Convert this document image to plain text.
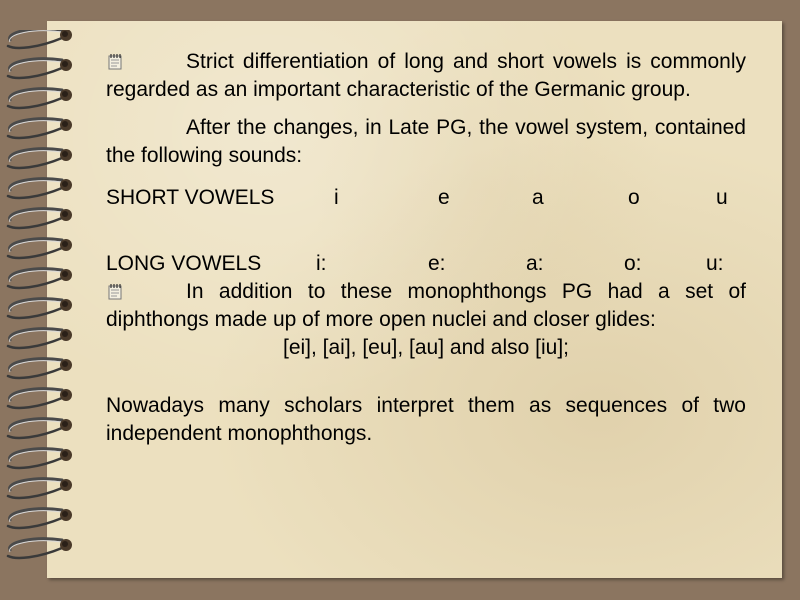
Strict differentiation of long and short vowels is commonly regarded as an important characteristic of the Germanic group.
After the changes, in Late PG, the vowel system, contained the following sounds:
SHORT VOWELS	i	e	a	o	u
LONG VOWELS	i:	e:	a:	o:	u:
In addition to these monophthongs PG had a set of diphthongs made up of more open nuclei and closer glides:
[ei], [ai], [eu], [au] and also [iu];
Nowadays many scholars interpret them as sequences of two independent monophthongs.
